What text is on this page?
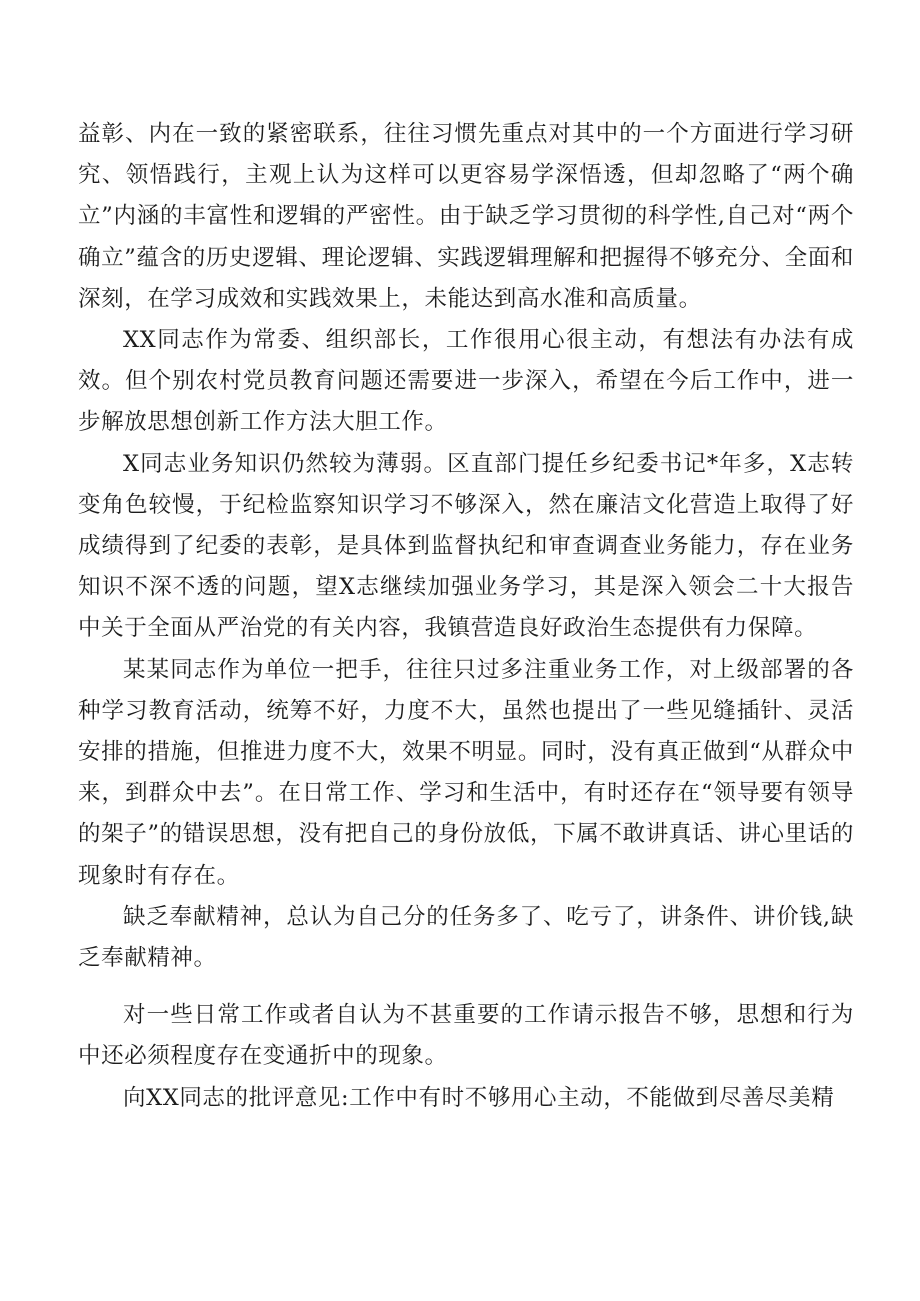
益彰、内在一致的紧密联系，往往习惯先重点对其中的一个方面进行学习研究、领悟践行，主观上认为这样可以更容易学深悟透，但却忽略了“两个确立”内涵的丰富性和逻辑的严密性。由于缺乏学习贯彻的科学性,自己对“两个确立”蕴含的历史逻辑、理论逻辑、实践逻辑理解和把握得不够充分、全面和深刻，在学习成效和实践效果上，未能达到高水准和高质量。

XX同志作为常委、组织部长，工作很用心很主动，有想法有办法有成效。但个别农村党员教育问题还需要进一步深入，希望在今后工作中，进一步解放思想创新工作方法大胆工作。

X同志业务知识仍然较为薄弱。区直部门提任乡纪委书记*年多，X志转变角色较慢，于纪检监察知识学习不够深入，然在廉洁文化营造上取得了好成绩得到了纪委的表彰，是具体到监督执纪和审查调查业务能力，存在业务知识不深不透的问题，望X志继续加强业务学习，其是深入领会二十大报告中关于全面从严治党的有关内容，我镇营造良好政治生态提供有力保障。

某某同志作为单位一把手，往往只过多注重业务工作，对上级部署的各种学习教育活动，统筹不好，力度不大，虽然也提出了一些见缝插针、灵活安排的措施，但推进力度不大，效果不明显。同时，没有真正做到“从群众中来，到群众中去”。在日常工作、学习和生活中，有时还存在“领导要有领导的架子”的错误思想，没有把自己的身份放低，下属不敢讲真话、讲心里话的现象时有存在。

缺乏奉献精神，总认为自己分的任务多了、吃亏了，讲条件、讲价钱,缺乏奉献精神。

对一些日常工作或者自认为不甚重要的工作请示报告不够，思想和行为中还必须程度存在变通折中的现象。

向XX同志的批评意见:工作中有时不够用心主动，不能做到尽善尽美精
